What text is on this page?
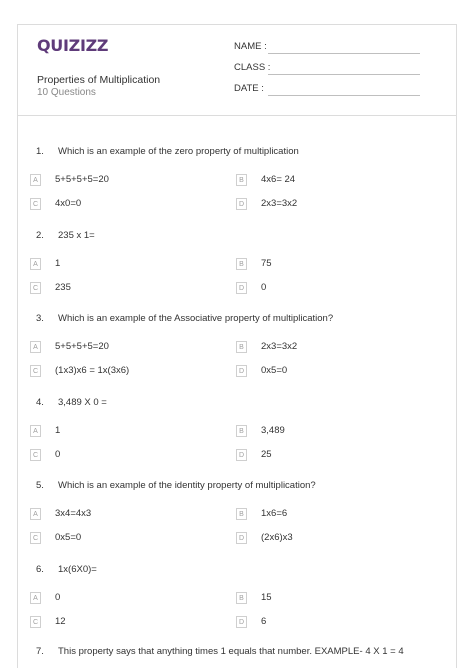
QUIZIZZ
Properties of Multiplication
10 Questions
NAME :
CLASS :
DATE :
1. Which is an example of the zero property of multiplication
A	5+5+5+5=20	B	4x6= 24
C	4x0=0	D	2x3=3x2
2. 235 x 1=
A	1	B	75
C	235	D	0
3. Which is an example of the Associative property of multiplication?
A	5+5+5+5=20	B	2x3=3x2
C	(1x3)x6 = 1x(3x6)	D	0x5=0
4. 3,489 X 0 =
A	1	B	3,489
C	0	D	25
5. Which is an example of the identity property of multiplication?
A	3x4=4x3	B	1x6=6
C	0x5=0	D	(2x6)x3
6. 1x(6X0)=
A	0	B	15
C	12	D	6
7. This property says that anything times 1 equals that number. EXAMPLE- 4 X 1 = 4
